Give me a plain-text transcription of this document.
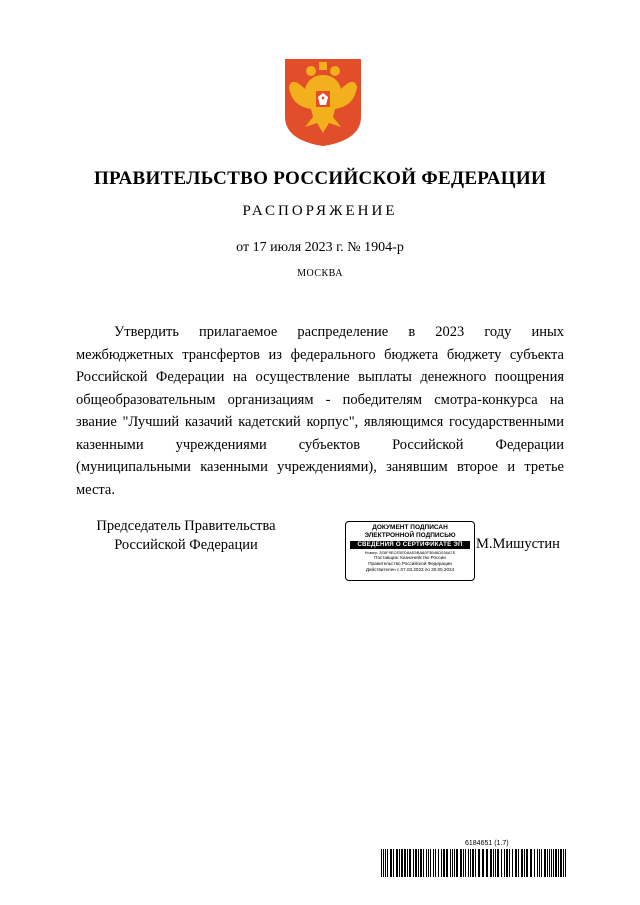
ПРАВИТЕЛЬСТВО РОССИЙСКОЙ ФЕДЕРАЦИИ
РАСПОРЯЖЕНИЕ
от 17 июля 2023 г. № 1904-р
МОСКВА

Утвердить прилагаемое распределение в 2023 году иных межбюджетных трансфертов из федерального бюджета бюджету субъекта Российской Федерации на осуществление выплаты денежного поощрения общеобразовательным организациям - победителям смотра-конкурса на звание "Лучший казачий кадетский корпус", являющимся государственными казенными учреждениями субъектов Российской Федерации (муниципальными казенными учреждениями), занявшим второе и третье места.

Председатель Правительства
Российской Федерации
ДОКУМЕНТ ПОДПИСАН
ЭЛЕКТРОННОЙ ПОДПИСЬЮ
СВЕДЕНИЯ О СЕРТИФИКАТЕ ЭП
Номер: 2E8F9ECE5ED8AE5BA80F3B46D036A7E
Поставщик: Казначейство России
Правительство Российской Федерации
Действителен с 07.03.2023 по 30.05.2024
М.Мишустин
6184651 (1.7)
